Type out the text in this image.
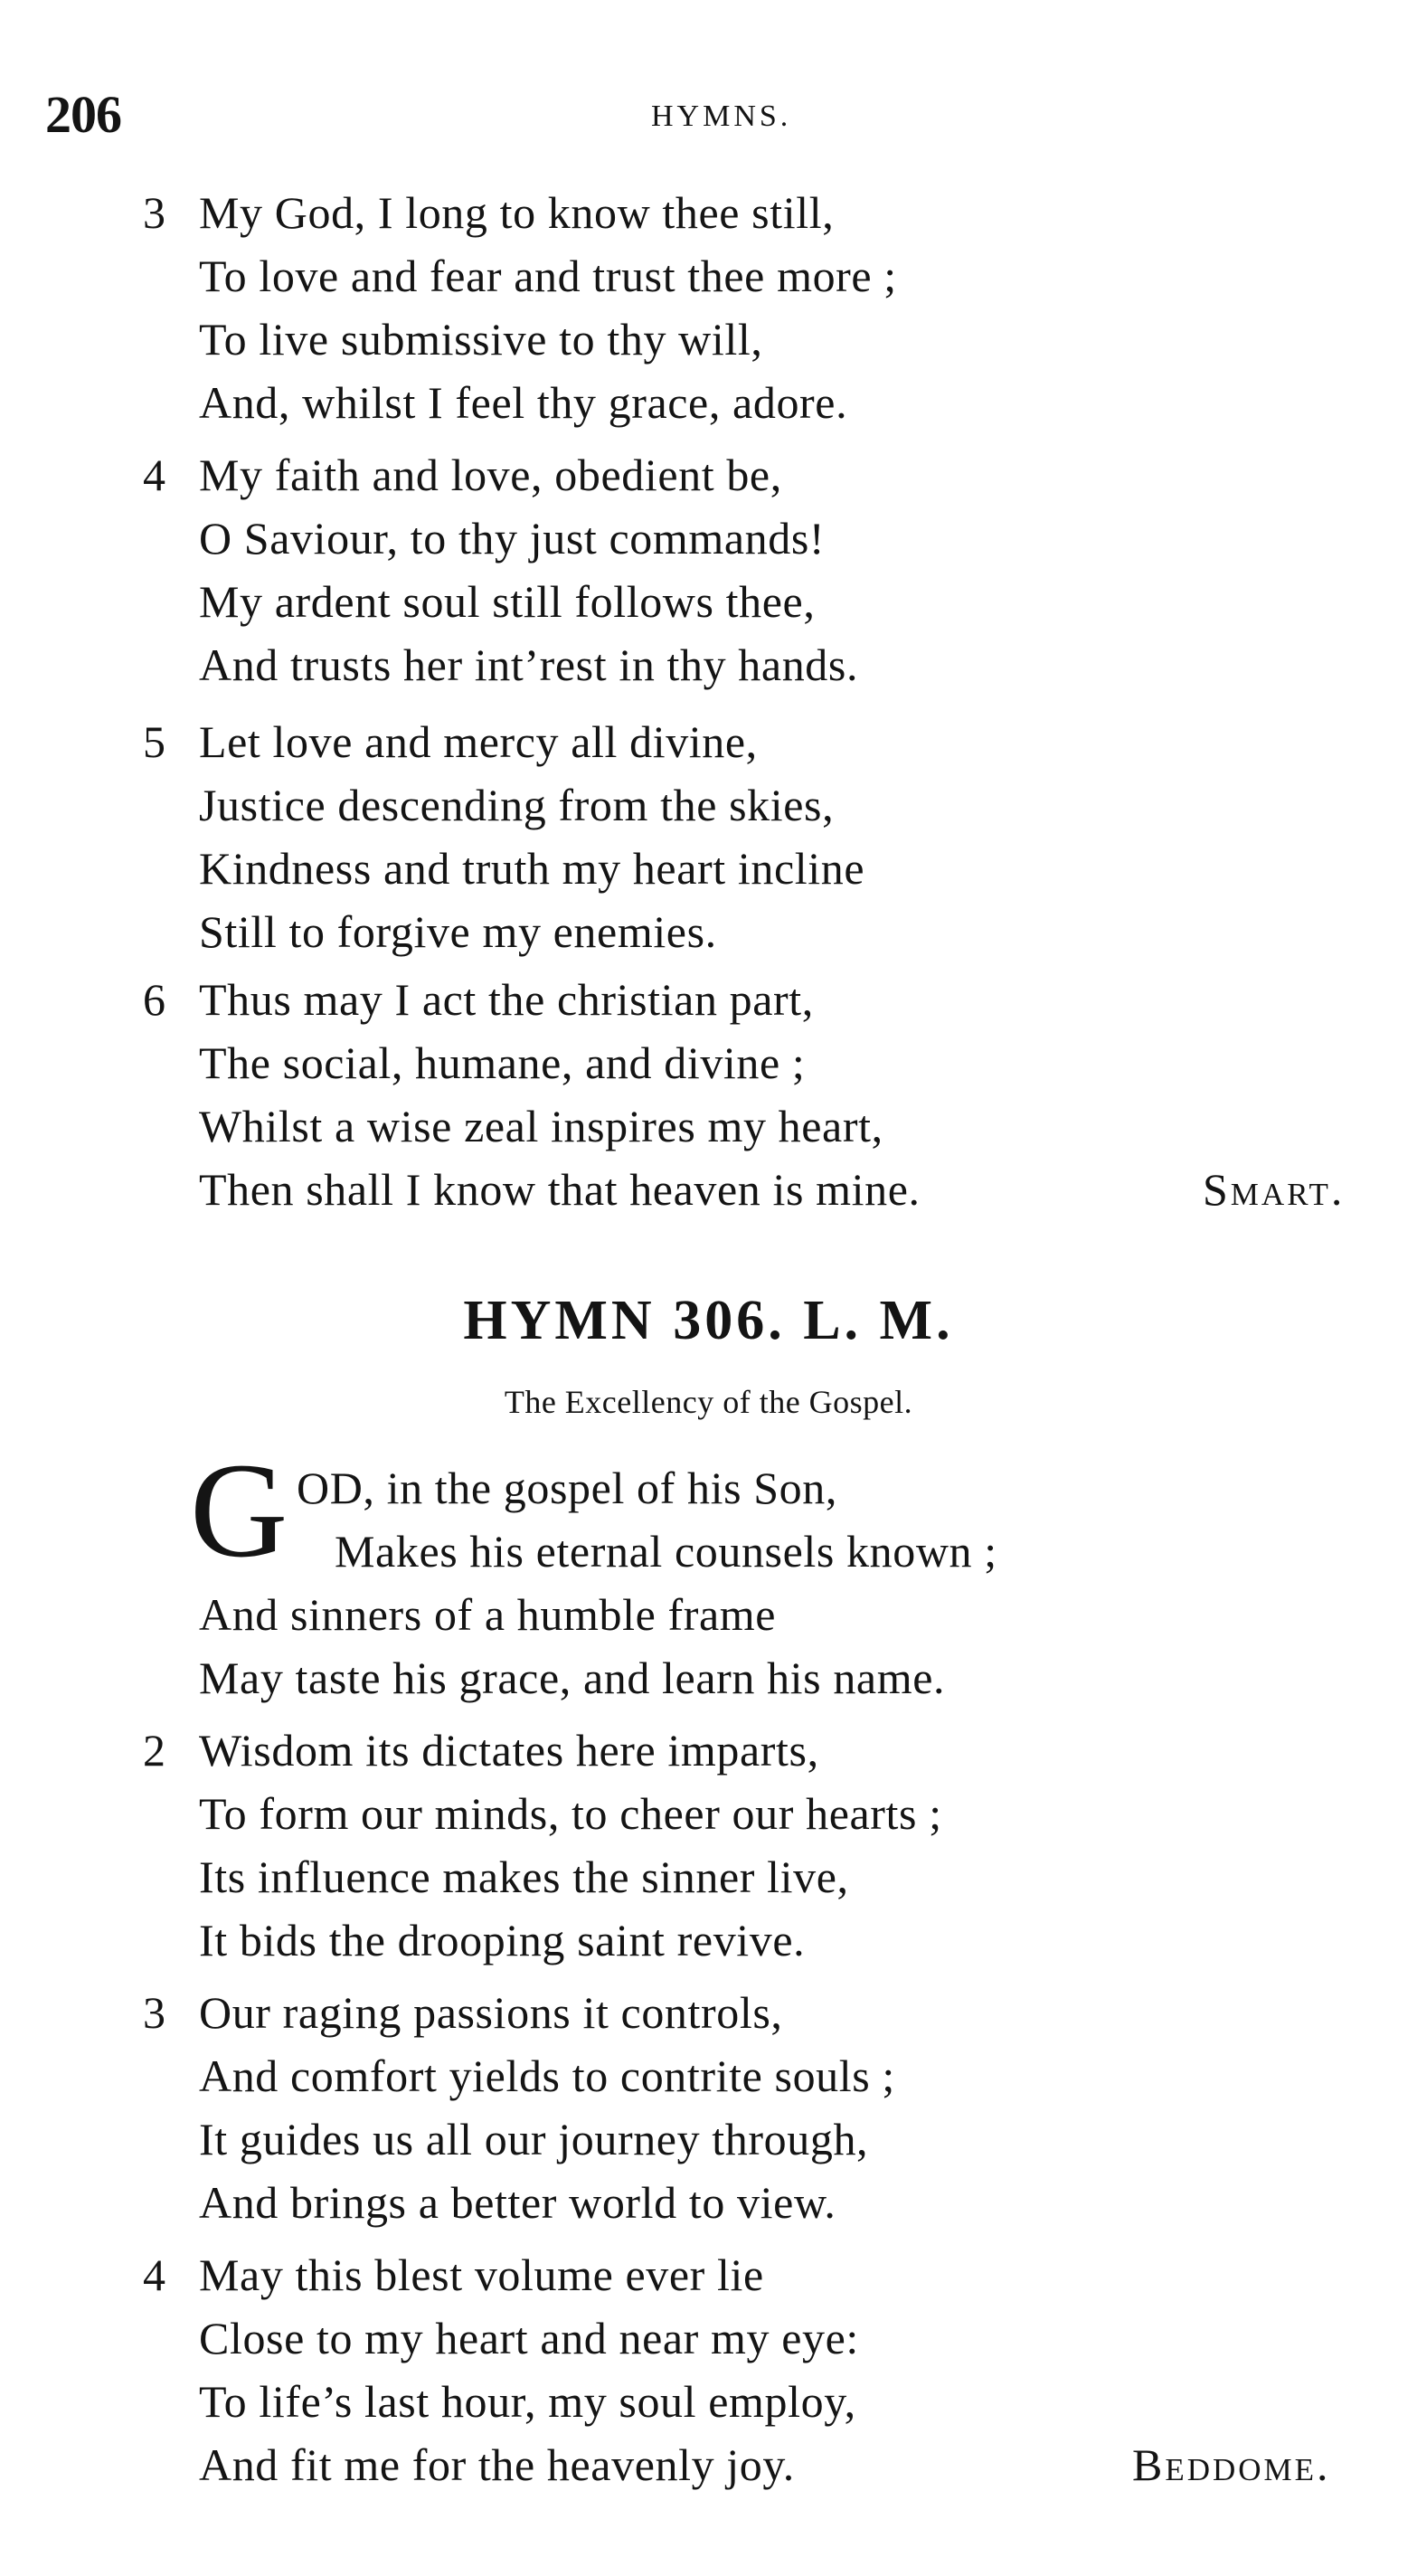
206	HYMNS.
3 My God, I long to know thee still,
To love and fear and trust thee more ;
To live submissive to thy will,
And, whilst I feel thy grace, adore.
4 My faith and love, obedient be,
O Saviour, to thy just commands!
My ardent soul still follows thee,
And trusts her int’rest in thy hands.
5 Let love and mercy all divine,
Justice descending from the skies,
Kindness and truth my heart incline
Still to forgive my enemies.
6 Thus may I act the christian part,
The social, humane, and divine ;
Whilst a wise zeal inspires my heart,
Then shall I know that heaven is mine.	Smart.
HYMN 306. L. M.
The Excellency of the Gospel.
G OD, in the gospel of his Son,
Makes his eternal counsels known ;
And sinners of a humble frame
May taste his grace, and learn his name.
2 Wisdom its dictates here imparts,
To form our minds, to cheer our hearts ;
Its influence makes the sinner live,
It bids the drooping saint revive.
3 Our raging passions it controls,
And comfort yields to contrite souls ;
It guides us all our journey through,
And brings a better world to view.
4 May this blest volume ever lie
Close to my heart and near my eye:
To life’s last hour, my soul employ,
And fit me for the heavenly joy.	Beddome.
